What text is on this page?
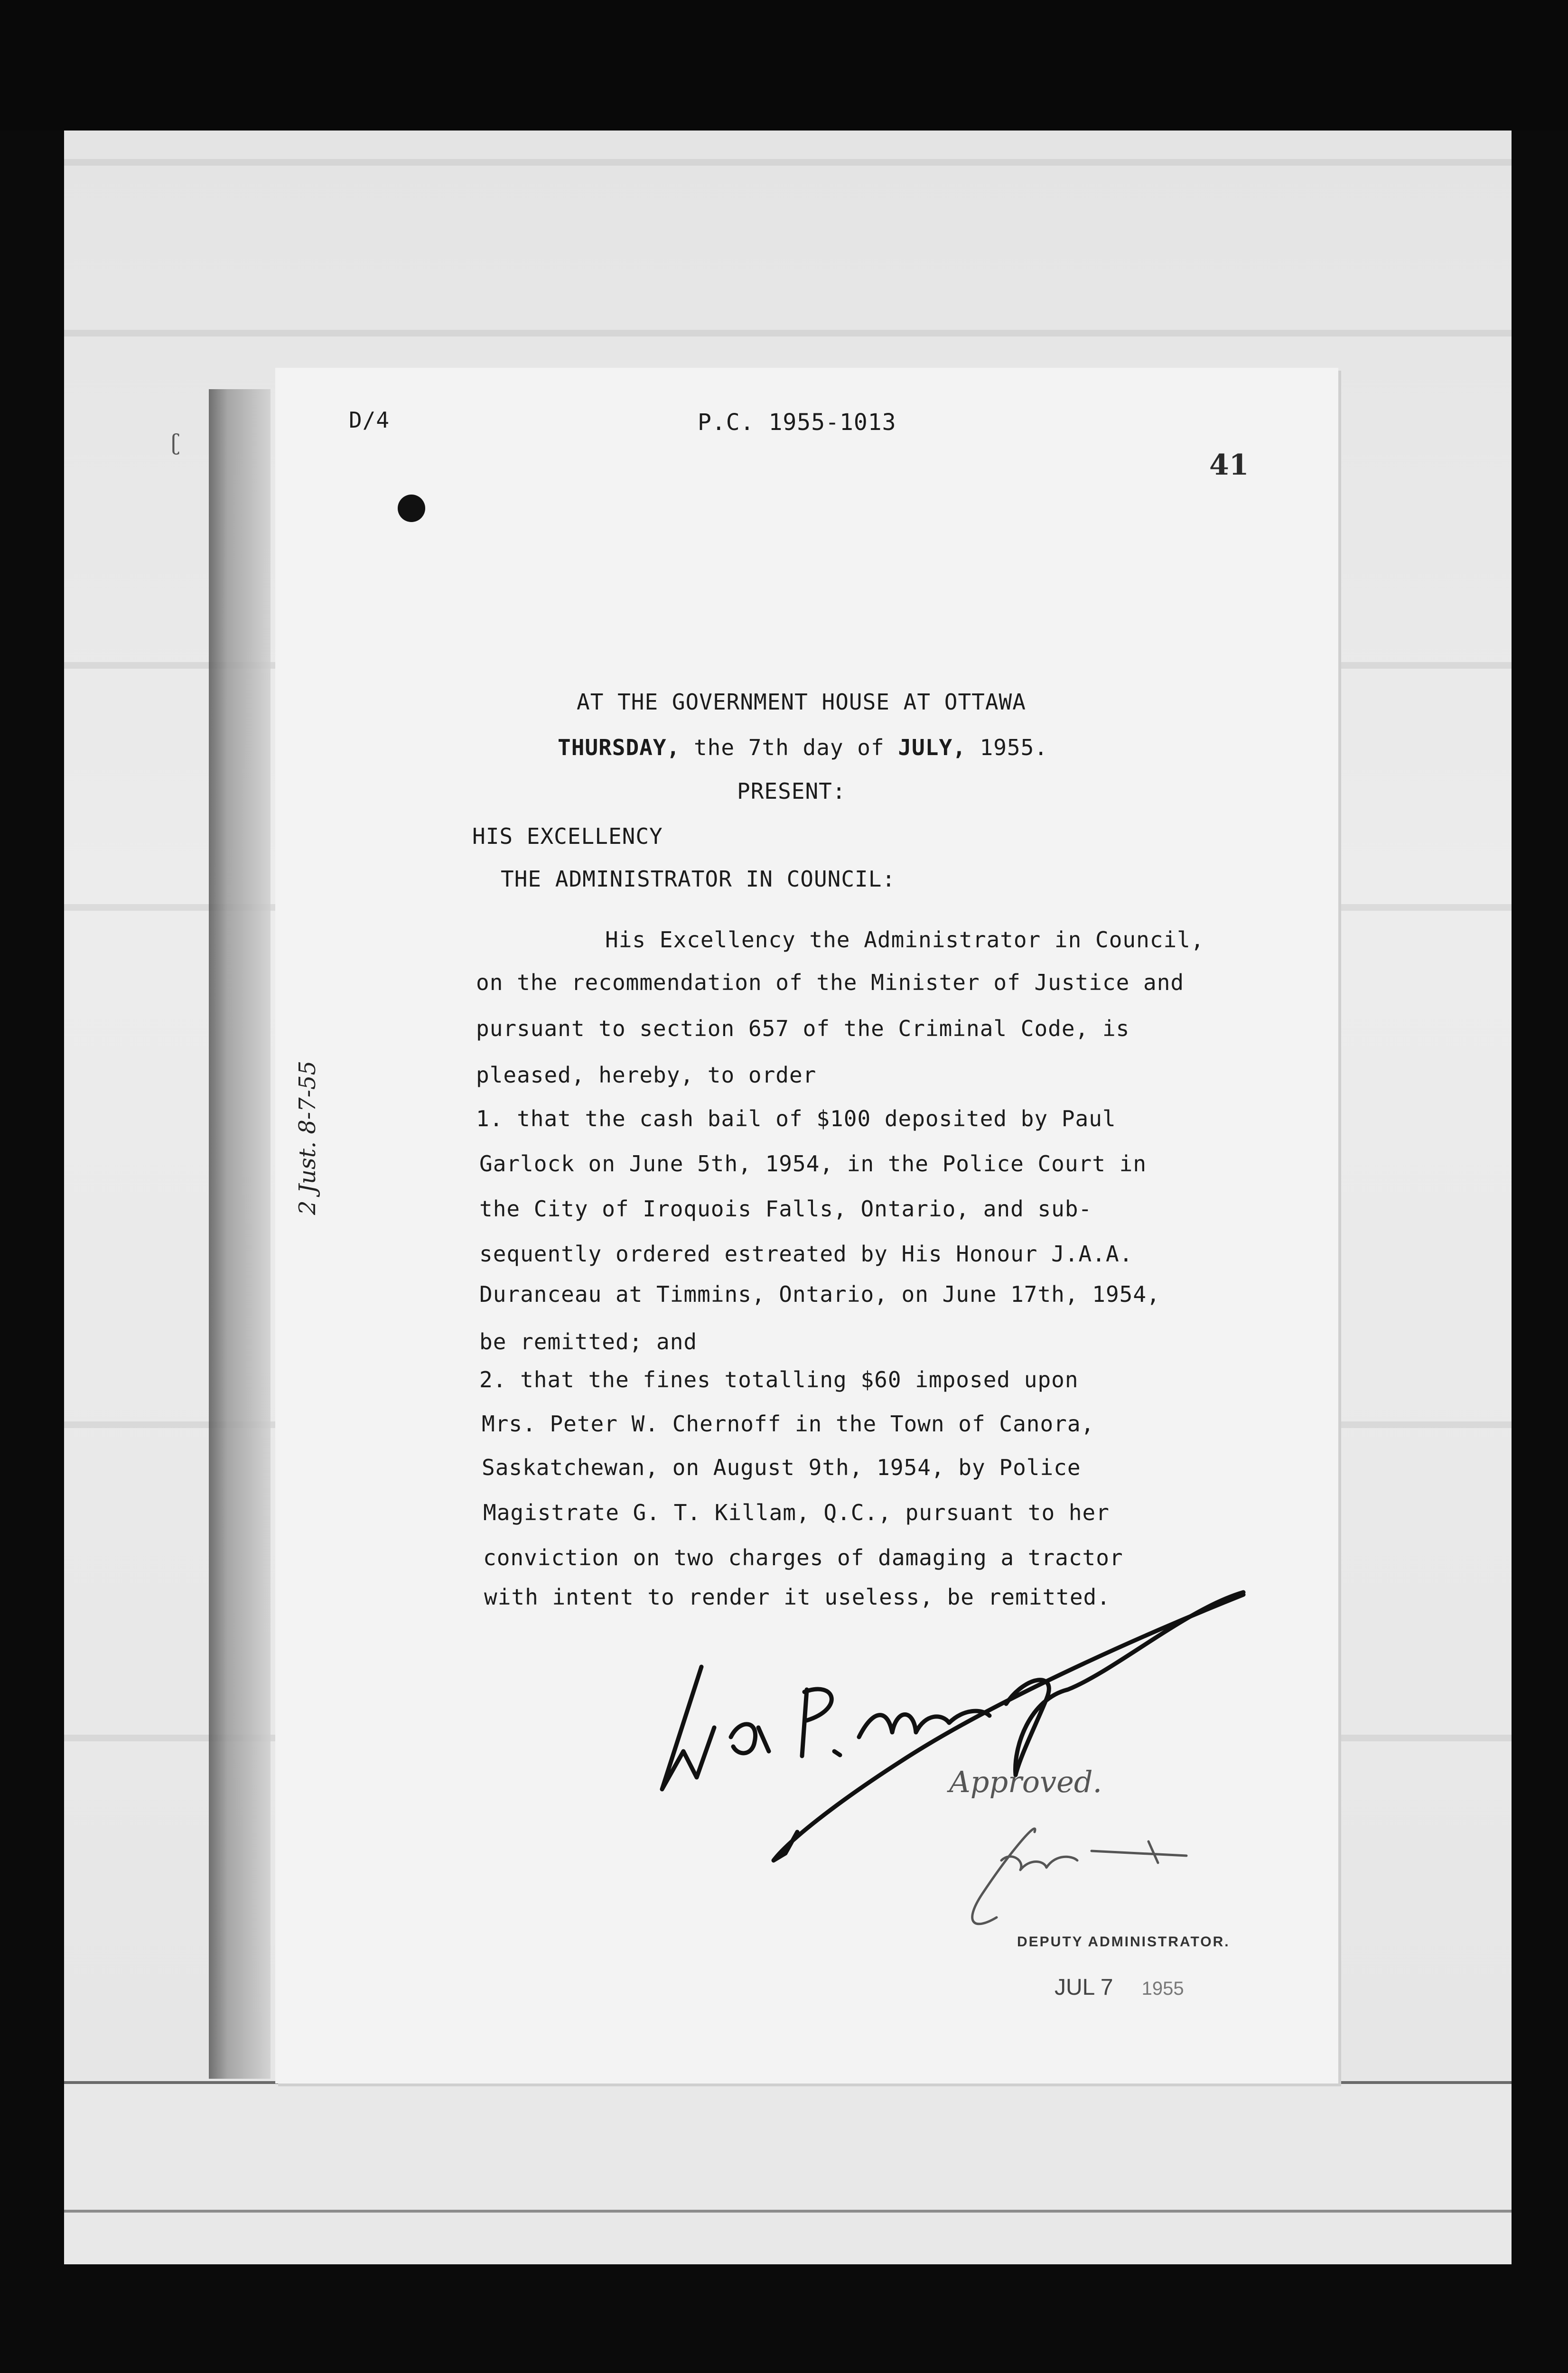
ʗ
D/4	P.C. 1955-1013
41
2 Just. 8-7-55
AT THE GOVERNMENT HOUSE AT OTTAWA
THURSDAY, the 7th day of JULY, 1955.
PRESENT:
HIS EXCELLENCY
THE ADMINISTRATOR IN COUNCIL:
His Excellency the Administrator in Council,
on the recommendation of the Minister of Justice and
pursuant to section 657 of the Criminal Code, is
pleased, hereby, to order
1. that the cash bail of $100 deposited by Paul
Garlock on June 5th, 1954, in the Police Court in
the City of Iroquois Falls, Ontario, and sub-
sequently ordered estreated by His Honour J.A.A.
Duranceau at Timmins, Ontario, on June 17th, 1954,
be remitted; and
2. that the fines totalling $60 imposed upon
Mrs. Peter W. Chernoff in the Town of Canora,
Saskatchewan, on August 9th, 1954, by Police
Magistrate G. T. Killam, Q.C., pursuant to her
conviction on two charges of damaging a tractor
with intent to render it useless, be remitted.
Approved.
DEPUTY ADMINISTRATOR.
JUL 7 1955
